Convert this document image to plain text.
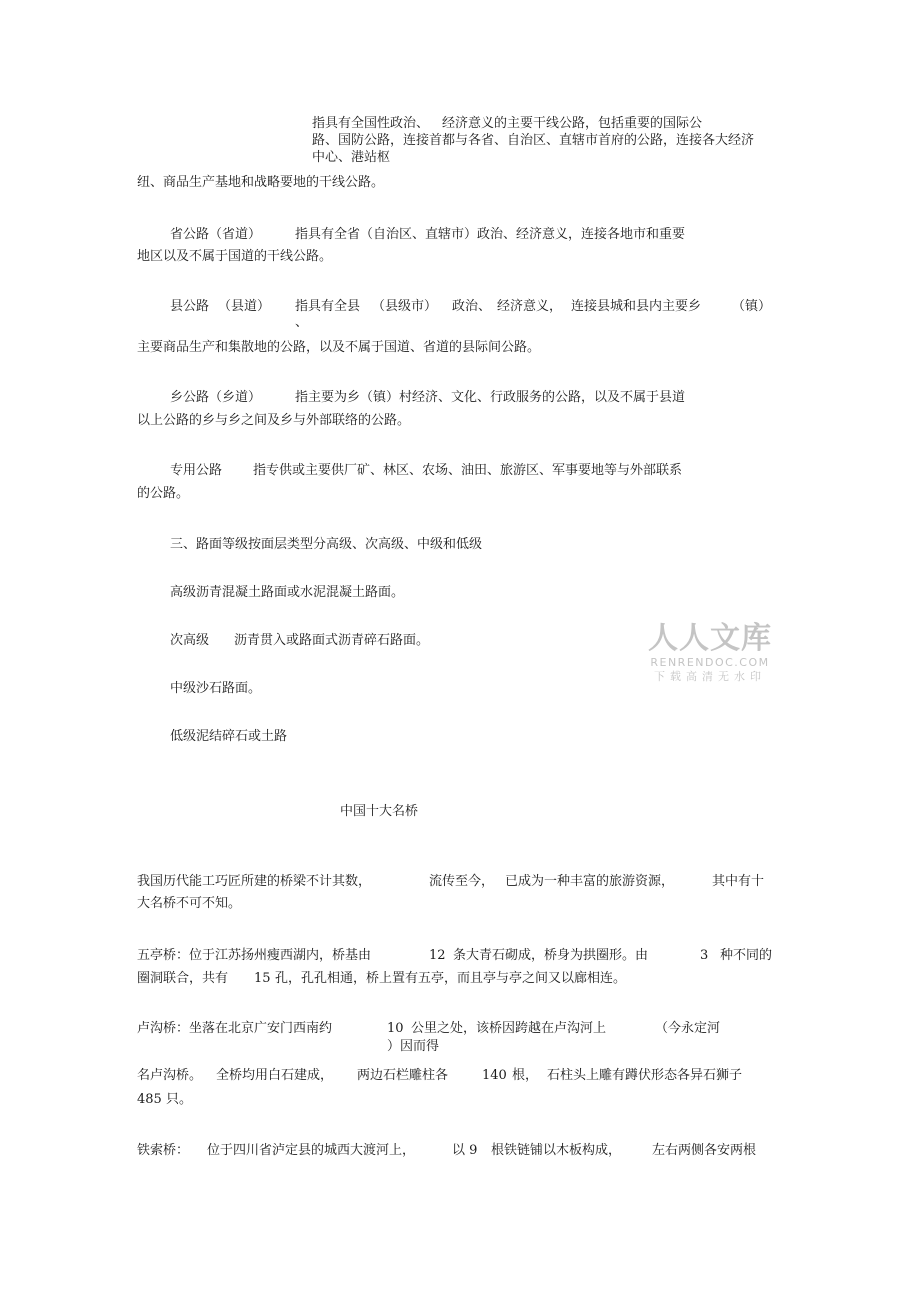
指具有全国性政治、 经济意义的主要干线公路，包括重要的国际公
路、国防公路，连接首都与各省、自治区、直辖市首府的公路，连接各大经济
中心、港站枢
纽、商品生产基地和战略要地的干线公路。
省公路（省道）	指具有全省（自治区、直辖市）政治、经济意义，连接各地市和重要
地区以及不属于国道的干线公路。
县公路 （县道） 指具有全县 （县级市） 政治、 经济意义， 连接县城和县内主要乡 （镇）
、
主要商品生产和集散地的公路，以及不属于国道、省道的县际间公路。
乡公路（乡道）	指主要为乡（镇）村经济、文化、行政服务的公路，以及不属于县道
以上公路的乡与乡之间及乡与外部联络的公路。
专用公路 指专供或主要供厂矿、林区、农场、油田、旅游区、军事要地等与外部联系
的公路。
三、路面等级按面层类型分高级、次高级、中级和低级
高级沥青混凝土路面或水泥混凝土路面。
次高级 沥青贯入或路面式沥青碎石路面。
中级沙石路面。
低级泥结碎石或土路
人人文库
RENRENDOC.COM
下载高清无水印
中国十大名桥
我国历代能工巧匠所建的桥梁不计其数，	流传至今， 已成为一种丰富的旅游资源，	其中有十
大名桥不可不知。
五亭桥：位于江苏扬州瘦西湖内，桥基由	12 条大青石砌成，桥身为拱圈形。由	3 种不同的
圈洞联合，共有 15 孔，孔孔相通，桥上置有五亭，而且亭与亭之间又以廊相连。
卢沟桥：坐落在北京广安门西南约	10 公里之处，该桥因跨越在卢沟河上	（今永定河
）因而得
名卢沟桥。 全桥均用白石建成， 两边石栏雕柱各	140 根， 石柱头上雕有蹲伏形态各异石狮子
485 只。
铁索桥： 位于四川省泸定县的城西大渡河上，	以 9 根铁链铺以木板构成， 左右两侧各安两根
